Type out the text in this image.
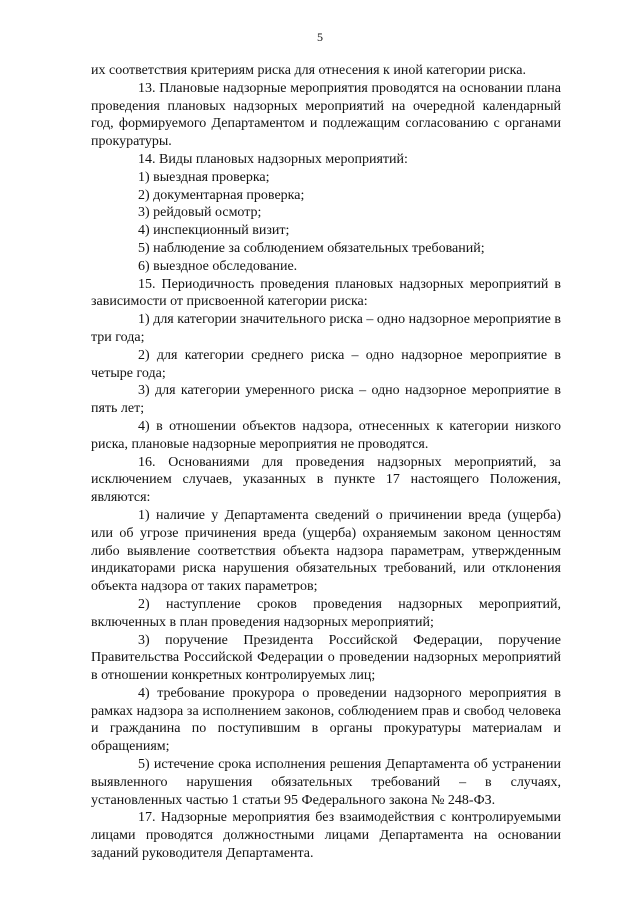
5

их соответствия критериям риска для отнесения к иной категории риска.

13. Плановые надзорные мероприятия проводятся на основании плана проведения плановых надзорных мероприятий на очередной календарный год, формируемого Департаментом и подлежащим согласованию с органами прокуратуры.

14. Виды плановых надзорных мероприятий:

1) выездная проверка;

2) документарная проверка;

3) рейдовый осмотр;

4) инспекционный визит;

5) наблюдение за соблюдением обязательных требований;

6) выездное обследование.

15. Периодичность проведения плановых надзорных мероприятий в зависимости от присвоенной категории риска:

1) для категории значительного риска – одно надзорное мероприятие в три года;

2) для категории среднего риска – одно надзорное мероприятие в четыре года;

3) для категории умеренного риска – одно надзорное мероприятие в пять лет;

4) в отношении объектов надзора, отнесенных к категории низкого риска, плановые надзорные мероприятия не проводятся.

16. Основаниями для проведения надзорных мероприятий, за исключением случаев, указанных в пункте 17 настоящего Положения, являются:

1) наличие у Департамента сведений о причинении вреда (ущерба) или об угрозе причинения вреда (ущерба) охраняемым законом ценностям либо выявление соответствия объекта надзора параметрам, утвержденным индикаторами риска нарушения обязательных требований, или отклонения объекта надзора от таких параметров;

2) наступление сроков проведения надзорных мероприятий, включенных в план проведения надзорных мероприятий;

3) поручение Президента Российской Федерации, поручение Правительства Российской Федерации о проведении надзорных мероприятий в отношении конкретных контролируемых лиц;

4) требование прокурора о проведении надзорного мероприятия в рамках надзора за исполнением законов, соблюдением прав и свобод человека и гражданина по поступившим в органы прокуратуры материалам и обращениям;

5) истечение срока исполнения решения Департамента об устранении выявленного нарушения обязательных требований – в случаях, установленных частью 1 статьи 95 Федерального закона № 248-ФЗ.

17. Надзорные мероприятия без взаимодействия с контролируемыми лицами проводятся должностными лицами Департамента на основании заданий руководителя Департамента.
